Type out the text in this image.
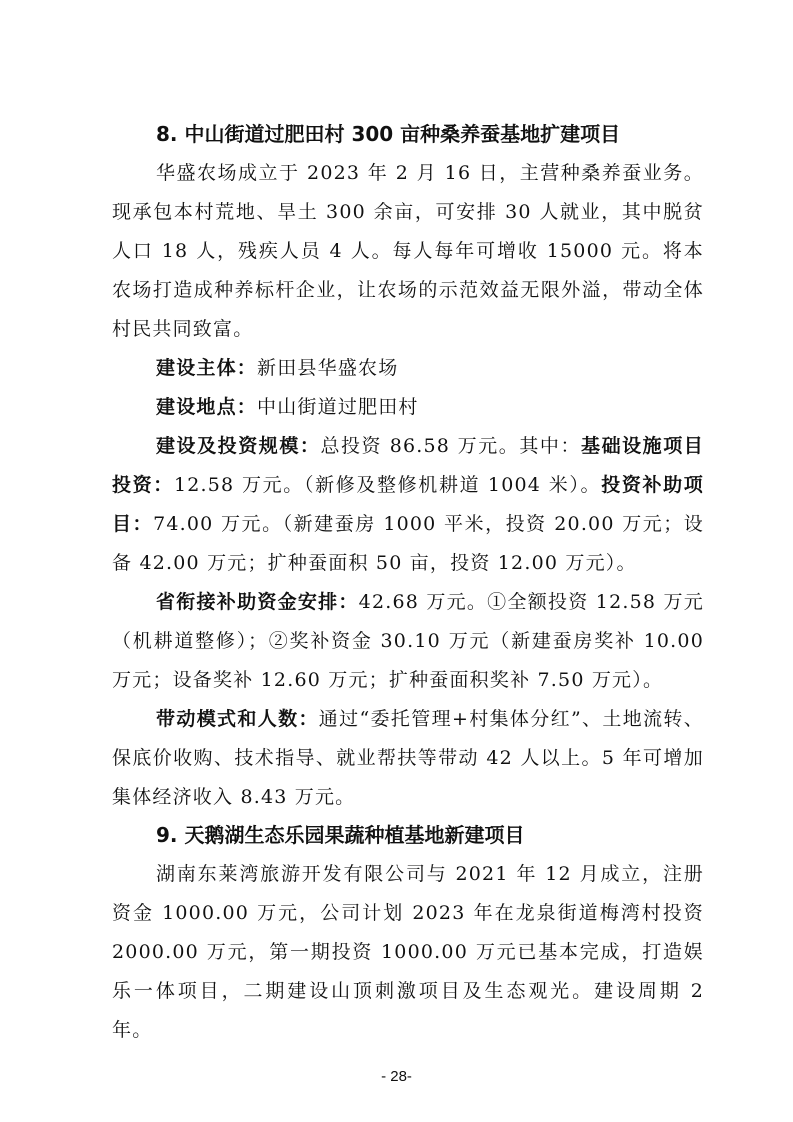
8. 中山街道过肥田村 300 亩种桑养蚕基地扩建项目

华盛农场成立于 2023 年 2 月 16 日，主营种桑养蚕业务。现承包本村荒地、旱土 300 余亩，可安排 30 人就业，其中脱贫人口 18 人，残疾人员 4 人。每人每年可增收 15000 元。将本农场打造成种养标杆企业，让农场的示范效益无限外溢，带动全体村民共同致富。

建设主体：新田县华盛农场

建设地点：中山街道过肥田村

建设及投资规模：总投资 86.58 万元。其中：基础设施项目投资：12.58 万元。（新修及整修机耕道 1004 米）。投资补助项目：74.00 万元。（新建蚕房 1000 平米，投资 20.00 万元；设备 42.00 万元；扩种蚕面积 50 亩，投资 12.00 万元）。

省衔接补助资金安排：42.68 万元。①全额投资 12.58 万元（机耕道整修）；②奖补资金 30.10 万元（新建蚕房奖补 10.00 万元；设备奖补 12.60 万元；扩种蚕面积奖补 7.50 万元）。

带动模式和人数：通过“委托管理+村集体分红”、土地流转、保底价收购、技术指导、就业帮扶等带动 42 人以上。5 年可增加集体经济收入 8.43 万元。

9. 天鹅湖生态乐园果蔬种植基地新建项目

湖南东莱湾旅游开发有限公司与 2021 年 12 月成立，注册资金 1000.00 万元，公司计划 2023 年在龙泉街道梅湾村投资 2000.00 万元，第一期投资 1000.00 万元已基本完成，打造娱乐一体项目，二期建设山顶刺激项目及生态观光。建设周期 2 年。

- 28-
